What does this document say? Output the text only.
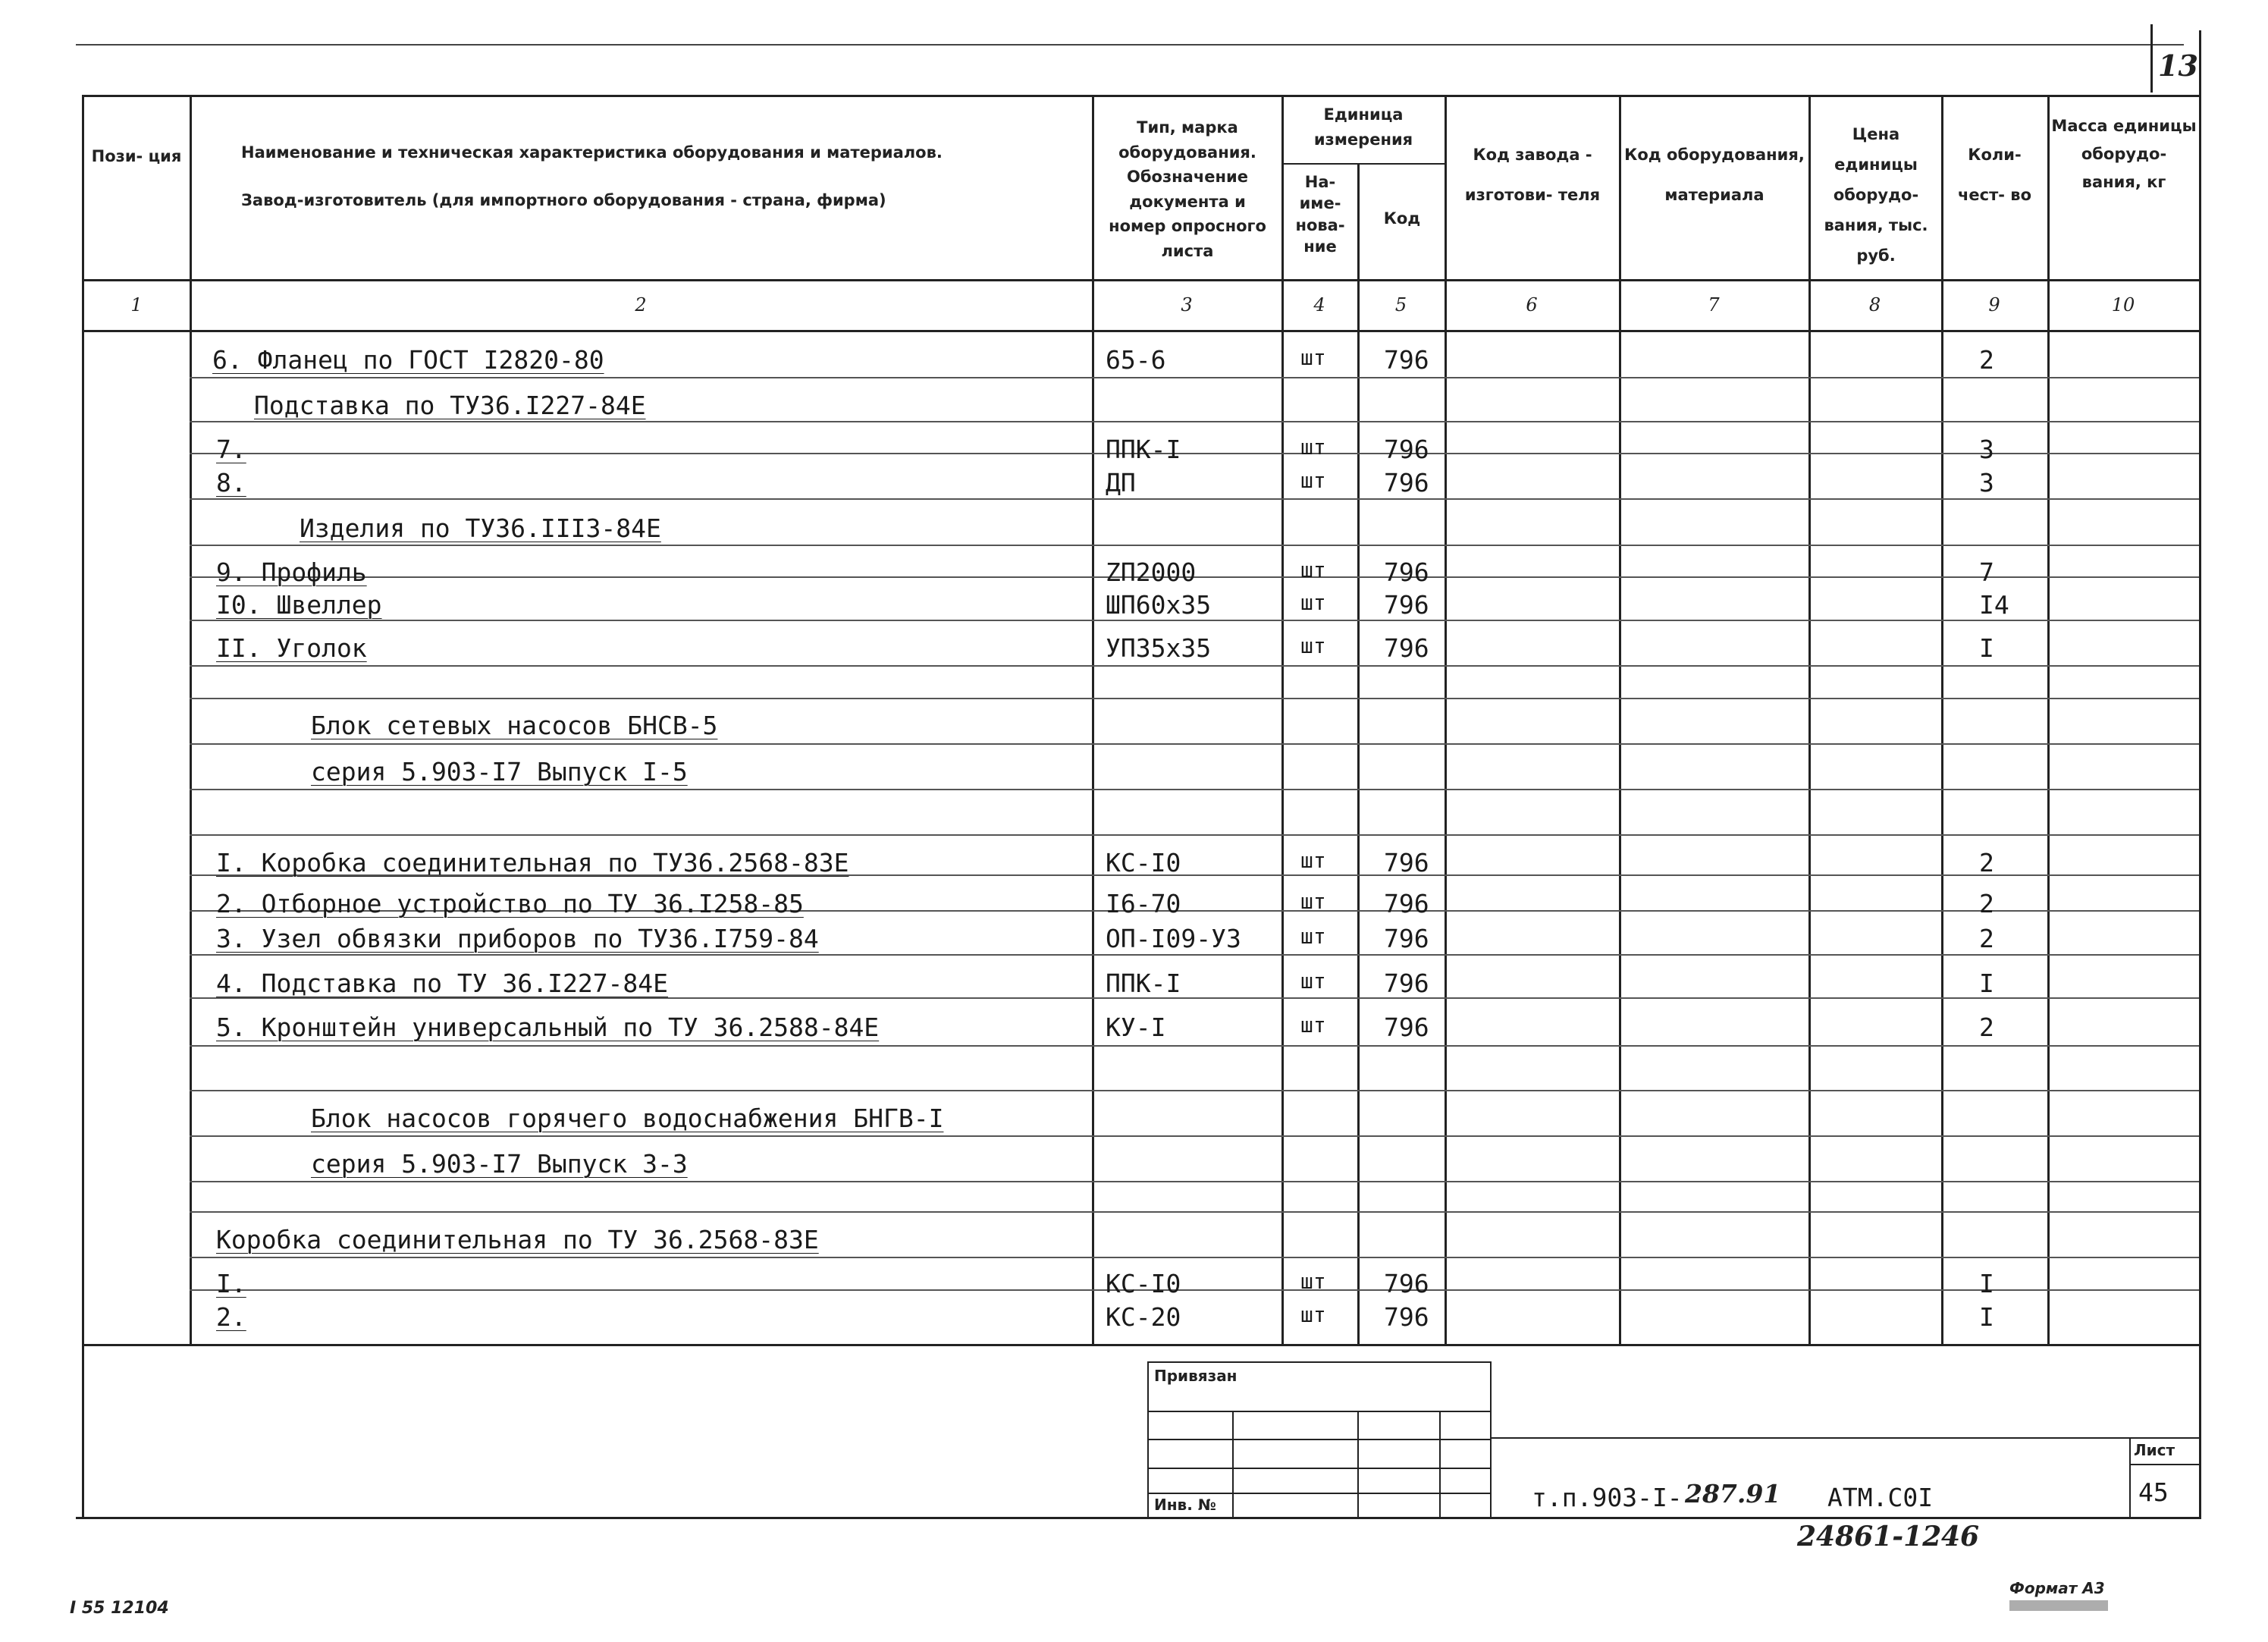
13
Пози- ция	Наименование и техническая характеристика оборудования и материалов.
Завод-изготовитель (для импортного оборудования - страна, фирма)
Тип, марка оборудования. Обозначение документа и номер опросного листа
Единица измерения
На- име- нова- ние
Код
Код завода - изготови- теля
Код оборудования, материала
Цена единицы оборудо- вания, тыс. руб.
Коли- чест- во
Масса единицы оборудо- вания, кг
1	2	3	4	5	6	7	8	9	10
6. Фланец по ГОСТ I2820-80	65-6	шт 796	2
Подставка по ТУ36.I227-84Е
7.	ППК-I	шт 796	3
8.	ДП	шт 796	3
Изделия по ТУ36.III3-84Е
9. Профиль	ZП2000	шт 796	7
I0. Швеллер	ШП60x35	шт 796	I4
II. Уголок	УП35x35	шт 796	I
Блок сетевых насосов БНСВ-5
серия 5.903-I7 Выпуск I-5
I. Коробка соединительная по ТУ36.2568-83Е	КС-I0	шт 796	2
2. Отборное устройство по ТУ 36.I258-85	I6-70	шт 796	2
3. Узел обвязки приборов по ТУ36.I759-84	ОП-I09-У3	шт 796	2
4. Подставка по ТУ 36.I227-84Е	ППК-I	шт 796	I
5. Кронштейн универсальный по ТУ 36.2588-84Е	КУ-I	шт 796	2
Блок насосов горячего водоснабжения БНГВ-I
серия 5.903-I7 Выпуск 3-3
Коробка соединительная по ТУ 36.2568-83Е
I.	КС-I0	шт 796	I
2.	КС-20	шт 796	I
Привязан
Инв. №
Лист
т.п.903-I- 287.91 АТМ.С0I	45
24861-12 46
I 55 12104
Формат А3
